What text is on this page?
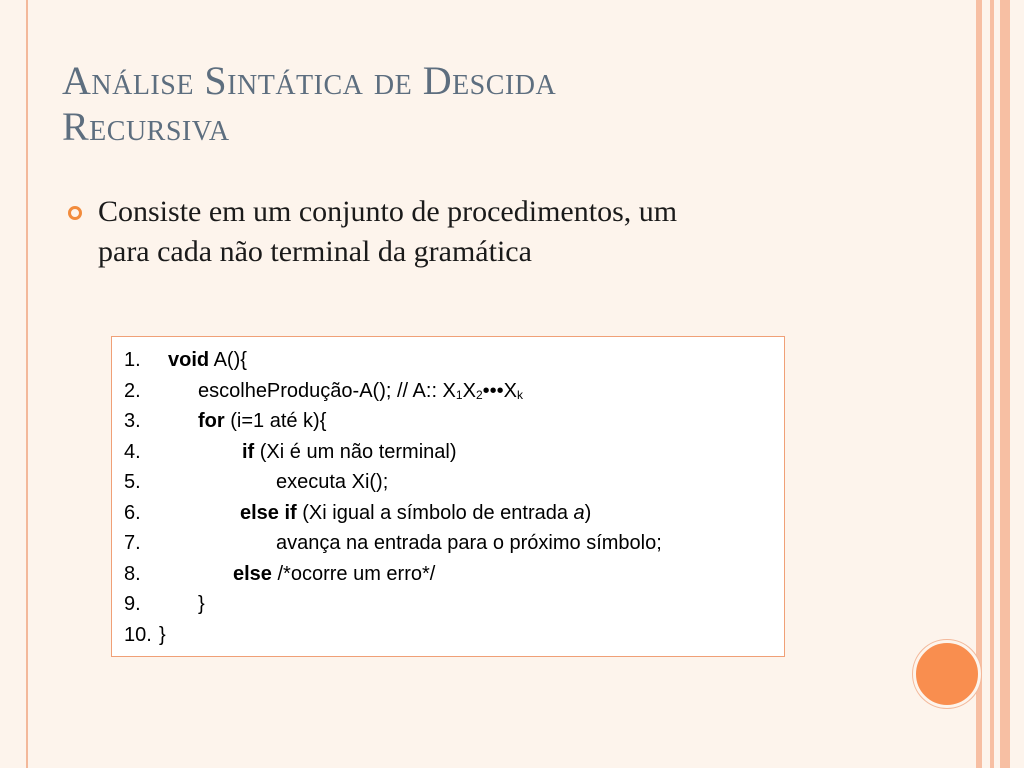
Análise Sintática de Descida
Recursiva
Consiste em um conjunto de procedimentos, um
para cada não terminal da gramática
1. void A(){
2.	escolheProdução-A(); // A:: $X_1X_2•••X_k$
3.	for (i=1 até k){
4.	if (Xi é um não terminal)
5.	executa Xi();
6.	else if (Xi igual a símbolo de entrada a)
7.	avança na entrada para o próximo símbolo;
8.	else /*ocorre um erro*/
9.	}
10. }
